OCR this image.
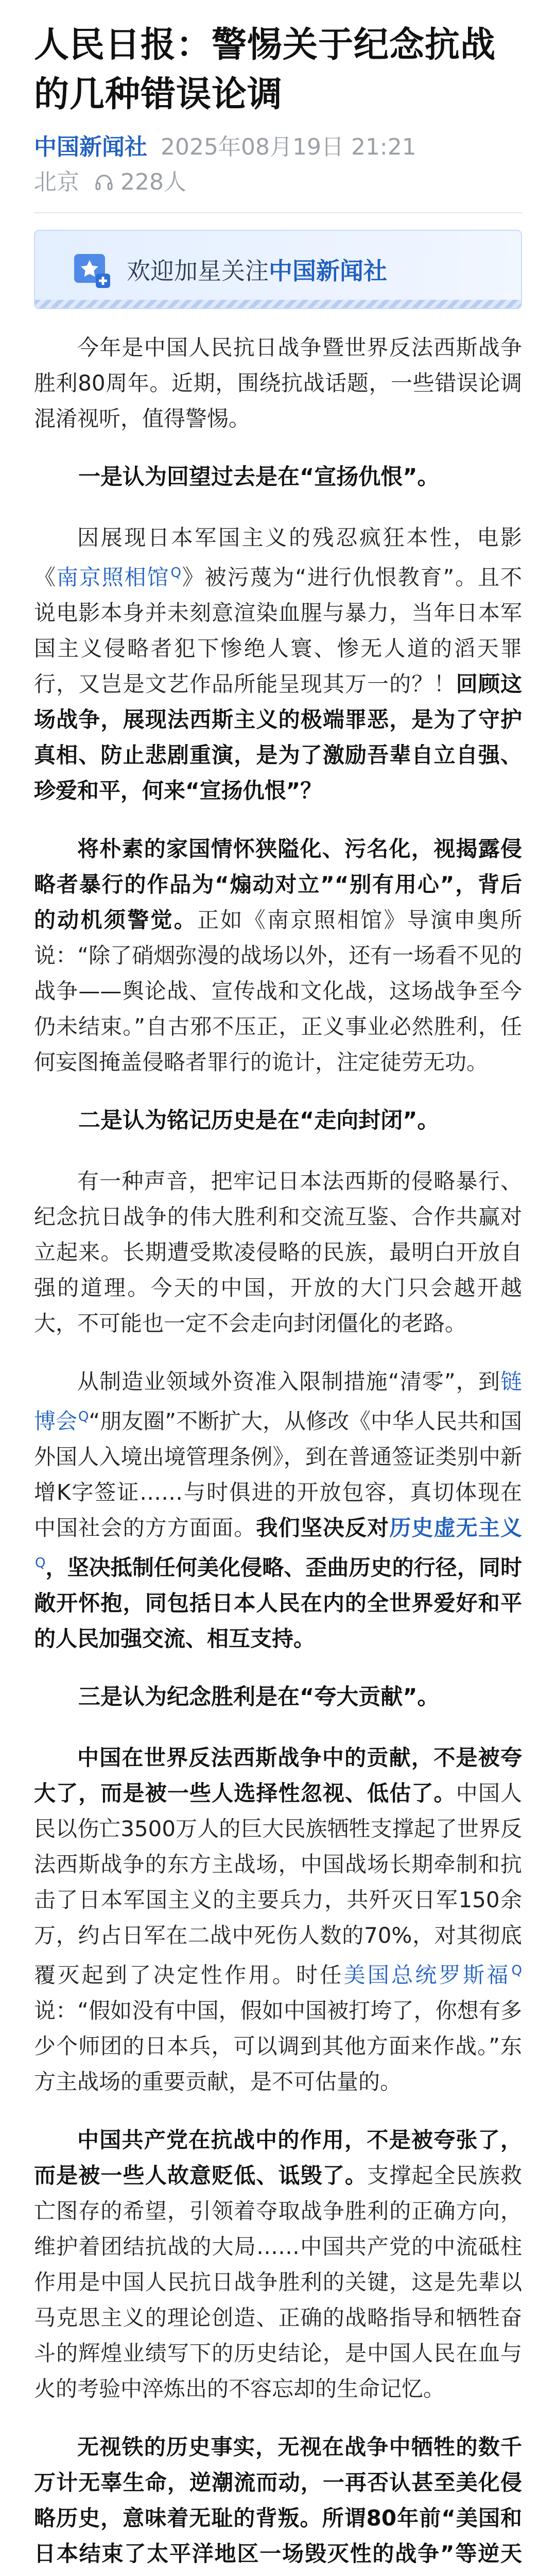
人民日报：警惕关于纪念抗战的几种错误论调
中国新闻社 2025年08月19日 21:21
北京 228人
欢迎加星关注中国新闻社

今年是中国人民抗日战争暨世界反法西斯战争胜利80周年。近期，围绕抗战话题，一些错误论调混淆视听，值得警惕。

一是认为回望过去是在“宣扬仇恨”。

因展现日本军国主义的残忍疯狂本性，电影《南京照相馆$^Q$》被污蔑为“进行仇恨教育”。且不说电影本身并未刻意渲染血腥与暴力，当年日本军国主义侵略者犯下惨绝人寰、惨无人道的滔天罪行，又岂是文艺作品所能呈现其万一的？！回顾这场战争，展现法西斯主义的极端罪恶，是为了守护真相、防止悲剧重演，是为了激励吾辈自立自强、珍爱和平，何来“宣扬仇恨”？

将朴素的家国情怀狭隘化、污名化，视揭露侵略者暴行的作品为“煽动对立”“别有用心”，背后的动机须警觉。正如《南京照相馆》导演申奥所说：“除了硝烟弥漫的战场以外，还有一场看不见的战争——舆论战、宣传战和文化战，这场战争至今仍未结束。”自古邪不压正，正义事业必然胜利，任何妄图掩盖侵略者罪行的诡计，注定徒劳无功。

二是认为铭记历史是在“走向封闭”。

有一种声音，把牢记日本法西斯的侵略暴行、纪念抗日战争的伟大胜利和交流互鉴、合作共赢对立起来。长期遭受欺凌侵略的民族，最明白开放自强的道理。今天的中国，开放的大门只会越开越大，不可能也一定不会走向封闭僵化的老路。

从制造业领域外资准入限制措施“清零”，到链博会$^Q$“朋友圈”不断扩大，从修改《中华人民共和国外国人入境出境管理条例》，到在普通签证类别中新增K字签证……与时俱进的开放包容，真切体现在中国社会的方方面面。我们坚决反对历史虚无主义$^Q$，坚决抵制任何美化侵略、歪曲历史的行径，同时敞开怀抱，同包括日本人民在内的全世界爱好和平的人民加强交流、相互支持。

三是认为纪念胜利是在“夸大贡献”。

中国在世界反法西斯战争中的贡献，不是被夸大了，而是被一些人选择性忽视、低估了。中国人民以伤亡3500万人的巨大民族牺牲支撑起了世界反法西斯战争的东方主战场，中国战场长期牵制和抗击了日本军国主义的主要兵力，共歼灭日军150余万，约占日军在二战中死伤人数的70%，对其彻底覆灭起到了决定性作用。时任美国总统罗斯福$^Q$说：“假如没有中国，假如中国被打垮了，你想有多少个师团的日本兵，可以调到其他方面来作战。”东方主战场的重要贡献，是不可估量的。

中国共产党在抗战中的作用，不是被夸张了，而是被一些人故意贬低、诋毁了。支撑起全民族救亡图存的希望，引领着夺取战争胜利的正确方向，维护着团结抗战的大局……中国共产党的中流砥柱作用是中国人民抗日战争胜利的关键，这是先辈以马克思主义的理论创造、正确的战略指导和牺牲奋斗的辉煌业绩写下的历史结论，是中国人民在血与火的考验中淬炼出的不容忘却的生命记忆。

无视铁的历史事实，无视在战争中牺牲的数千万计无辜生命，逆潮流而动，一再否认甚至美化侵略历史，意味着无耻的背叛。所谓80年前“美国和日本结束了太平洋地区一场毁灭性的战争”等逆天
